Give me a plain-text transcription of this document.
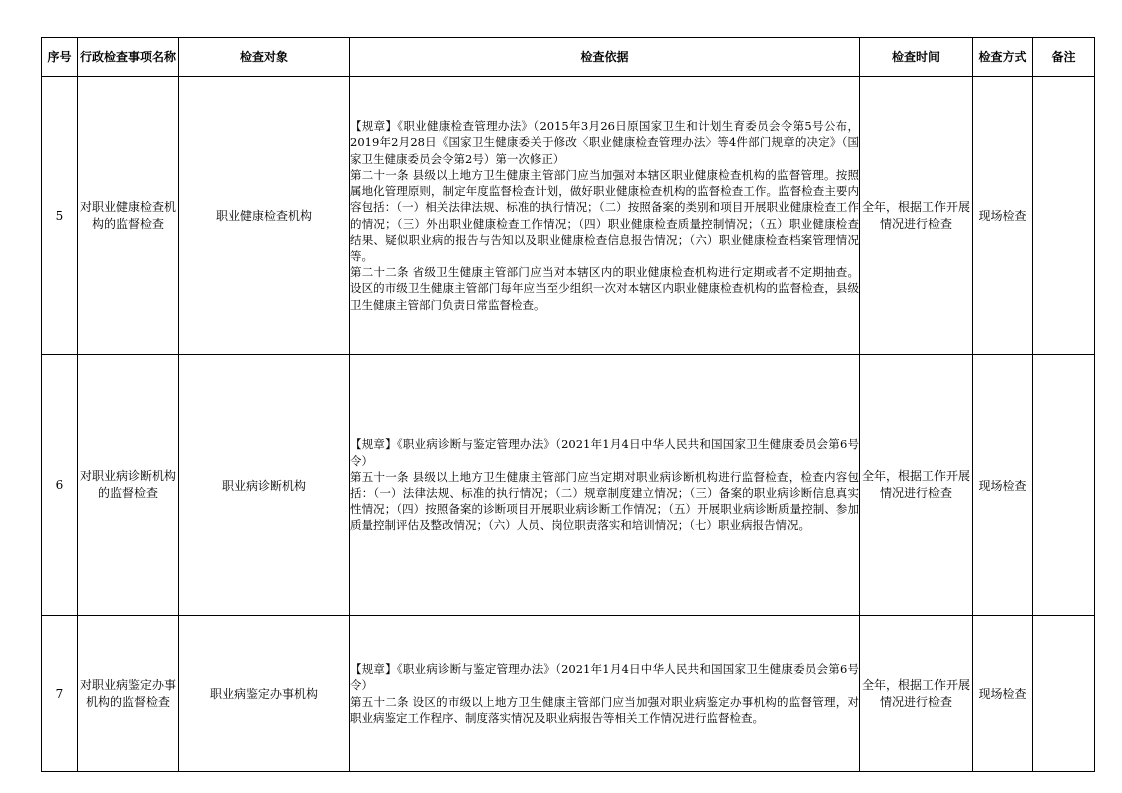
序号	行政检查事项名称	检查对象	检查依据	检查时间	检查方式	备注
5	对职业健康检查机构的监督检查	职业健康检查机构	【规章】《职业健康检查管理办法》（2015年3月26日原国家卫生和计划生育委员会令第5号公布，2019年2月28日《国家卫生健康委关于修改〈职业健康检查管理办法〉等4件部门规章的决定》（国家卫生健康委员会令第2号）第一次修正）
第二十一条 县级以上地方卫生健康主管部门应当加强对本辖区职业健康检查机构的监督管理。按照属地化管理原则，制定年度监督检查计划，做好职业健康检查机构的监督检查工作。监督检查主要内容包括：（一）相关法律法规、标准的执行情况；（二）按照备案的类别和项目开展职业健康检查工作的情况；（三）外出职业健康检查工作情况；（四）职业健康检查质量控制情况；（五）职业健康检查结果、疑似职业病的报告与告知以及职业健康检查信息报告情况；（六）职业健康检查档案管理情况等。
第二十二条 省级卫生健康主管部门应当对本辖区内的职业健康检查机构进行定期或者不定期抽查。设区的市级卫生健康主管部门每年应当至少组织一次对本辖区内职业健康检查机构的监督检查，县级卫生健康主管部门负责日常监督检查。	全年，根据工作开展情况进行检查	现场检查	
6	对职业病诊断机构的监督检查	职业病诊断机构	【规章】《职业病诊断与鉴定管理办法》（2021年1月4日中华人民共和国国家卫生健康委员会第6号令）
第五十一条 县级以上地方卫生健康主管部门应当定期对职业病诊断机构进行监督检查，检查内容包括：（一）法律法规、标准的执行情况；（二）规章制度建立情况；（三）备案的职业病诊断信息真实性情况；（四）按照备案的诊断项目开展职业病诊断工作情况；（五）开展职业病诊断质量控制、参加质量控制评估及整改情况；（六）人员、岗位职责落实和培训情况；（七）职业病报告情况。	全年，根据工作开展情况进行检查	现场检查	
7	对职业病鉴定办事机构的监督检查	职业病鉴定办事机构	【规章】《职业病诊断与鉴定管理办法》（2021年1月4日中华人民共和国国家卫生健康委员会第6号令）
第五十二条 设区的市级以上地方卫生健康主管部门应当加强对职业病鉴定办事机构的监督管理，对职业病鉴定工作程序、制度落实情况及职业病报告等相关工作情况进行监督检查。	全年，根据工作开展情况进行检查	现场检查	
